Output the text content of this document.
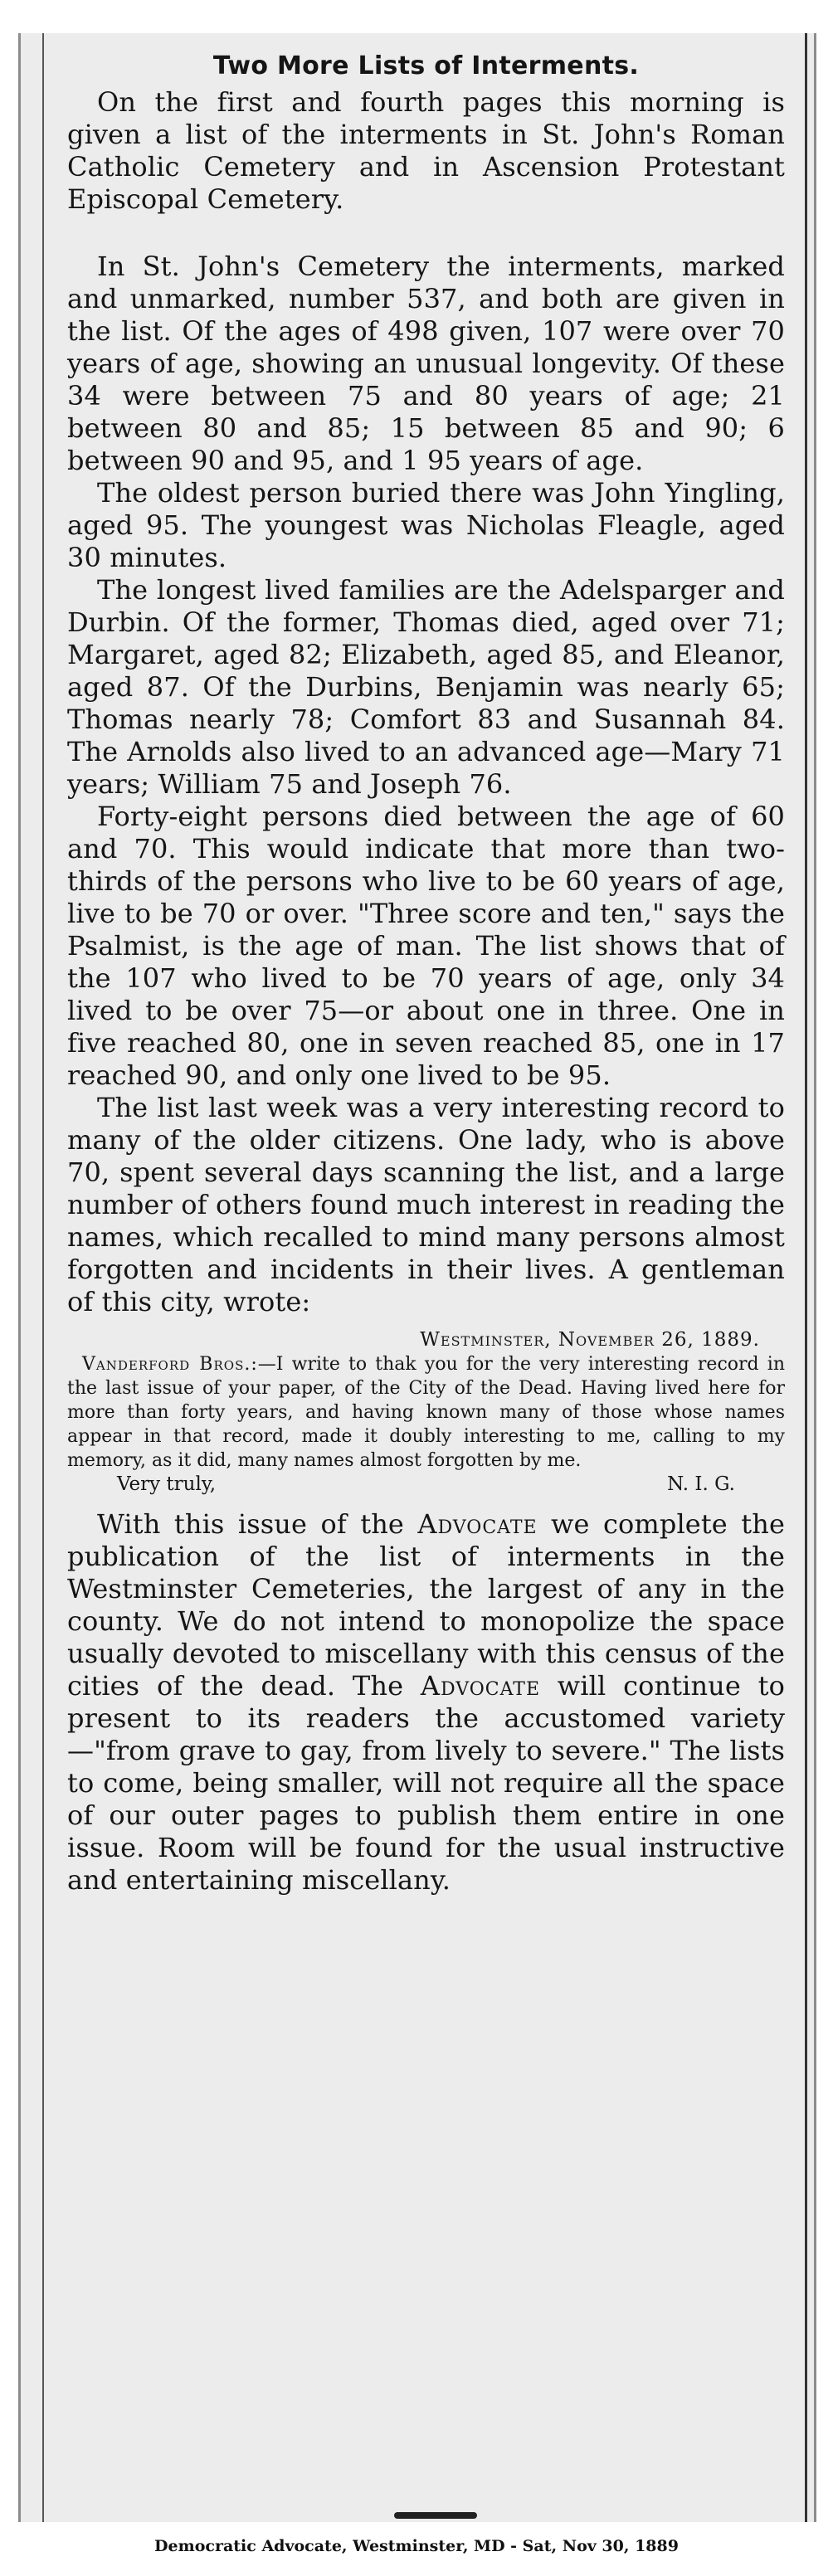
Two More Lists of Interments.

On the first and fourth pages this morning is given a list of the interments in St. John's Roman Catholic Cemetery and in Ascension Protestant Episcopal Cemetery.

In St. John's Cemetery the interments, marked and unmarked, number 537, and both are given in the list. Of the ages of 498 given, 107 were over 70 years of age, showing an unusual longevity. Of these 34 were between 75 and 80 years of age; 21 between 80 and 85; 15 between 85 and 90; 6 between 90 and 95, and 1 95 years of age.

The oldest person buried there was John Yingling, aged 95. The youngest was Nicholas Fleagle, aged 30 minutes.

The longest lived families are the Adelsparger and Durbin. Of the former, Thomas died, aged over 71; Margaret, aged 82; Elizabeth, aged 85, and Eleanor, aged 87. Of the Durbins, Benjamin was nearly 65; Thomas nearly 78; Comfort 83 and Susannah 84. The Arnolds also lived to an advanced age—Mary 71 years; William 75 and Joseph 76.

Forty-eight persons died between the age of 60 and 70. This would indicate that more than two-thirds of the persons who live to be 60 years of age, live to be 70 or over. "Three score and ten," says the Psalmist, is the age of man. The list shows that of the 107 who lived to be 70 years of age, only 34 lived to be over 75—or about one in three. One in five reached 80, one in seven reached 85, one in 17 reached 90, and only one lived to be 95.

The list last week was a very interesting record to many of the older citizens. One lady, who is above 70, spent several days scanning the list, and a large number of others found much interest in reading the names, which recalled to mind many persons almost forgotten and incidents in their lives. A gentleman of this city, wrote:

Westminster, November 26, 1889.
Vanderford Bros.:—I write to thak you for the very interesting record in the last issue of your paper, of the City of the Dead. Having lived here for more than forty years, and having known many of those whose names appear in that record, made it doubly interesting to me, calling to my memory, as it did, many names almost forgotten by me.
Very truly,	N. I. G.

With this issue of the Advocate we complete the publication of the list of interments in the Westminster Cemeteries, the largest of any in the county. We do not intend to monopolize the space usually devoted to miscellany with this census of the cities of the dead. The Advocate will continue to present to its readers the accustomed variety —"from grave to gay, from lively to severe." The lists to come, being smaller, will not require all the space of our outer pages to publish them entire in one issue. Room will be found for the usual instructive and entertaining miscellany.

Democratic Advocate, Westminster, MD - Sat, Nov 30, 1889
